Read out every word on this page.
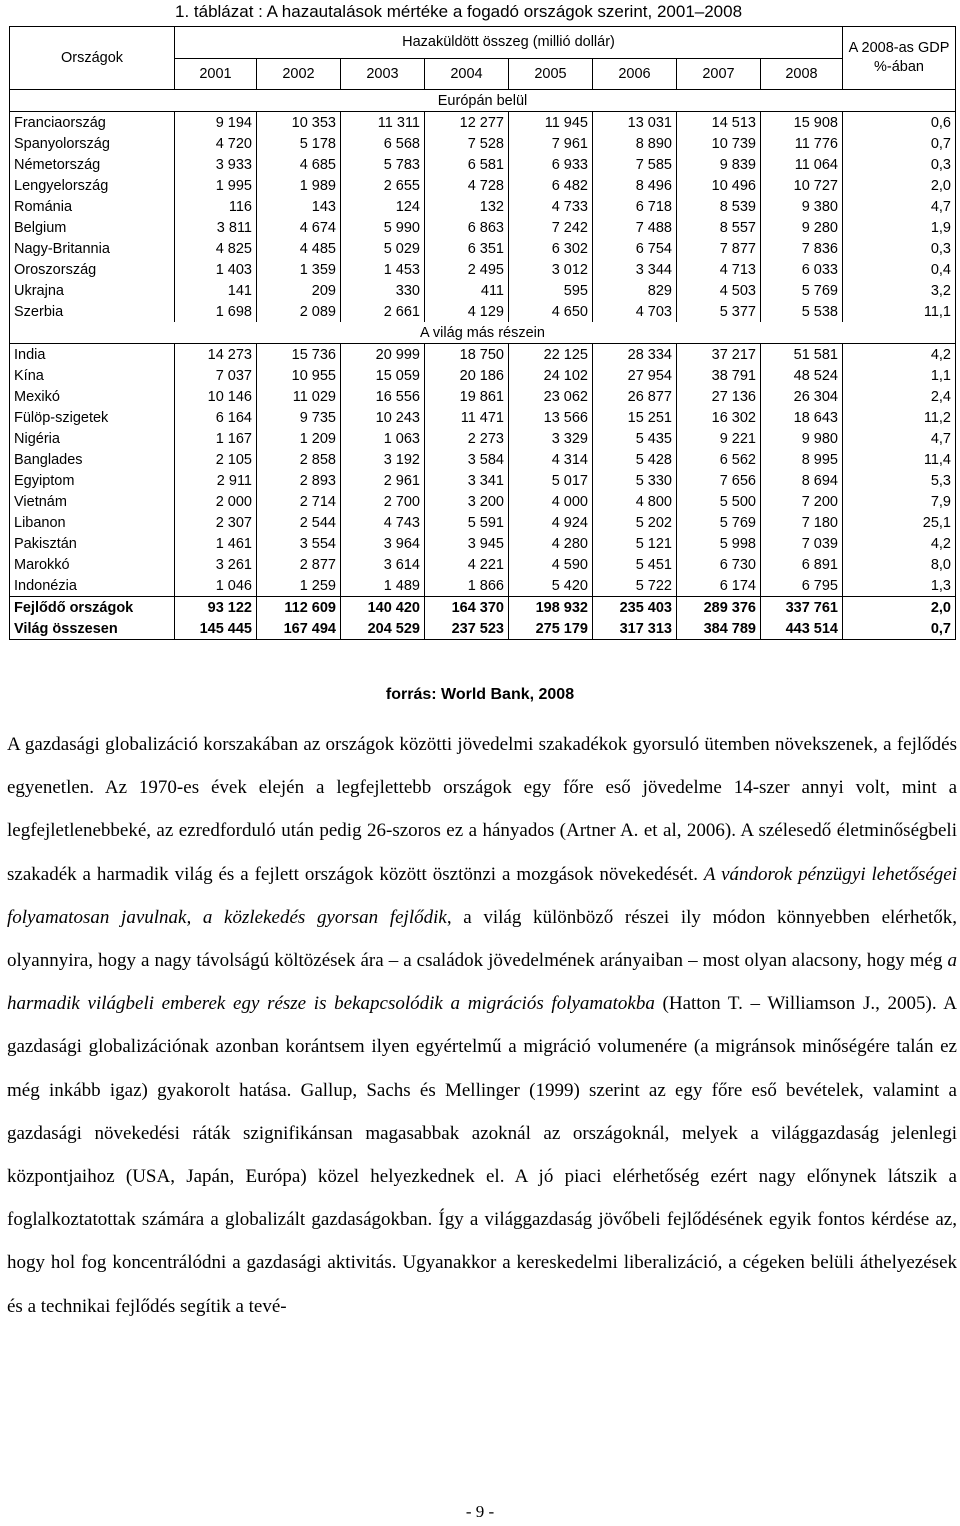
1. táblázat : A hazautalások mértéke a fogadó országok szerint, 2001–2008
Országok	Hazaküldött összeg (millió dollár)								A 2008-as GDP %-ában
	2001	2002	2003	2004	2005	2006	2007	2008	
Európán belül									
Franciaország	9 194	10 353	11 311	12 277	11 945	13 031	14 513	15 908	0,6
Spanyolország	4 720	5 178	6 568	7 528	7 961	8 890	10 739	11 776	0,7
Németország	3 933	4 685	5 783	6 581	6 933	7 585	9 839	11 064	0,3
Lengyelország	1 995	1 989	2 655	4 728	6 482	8 496	10 496	10 727	2,0
Románia	116	143	124	132	4 733	6 718	8 539	9 380	4,7
Belgium	3 811	4 674	5 990	6 863	7 242	7 488	8 557	9 280	1,9
Nagy-Britannia	4 825	4 485	5 029	6 351	6 302	6 754	7 877	7 836	0,3
Oroszország	1 403	1 359	1 453	2 495	3 012	3 344	4 713	6 033	0,4
Ukrajna	141	209	330	411	595	829	4 503	5 769	3,2
Szerbia	1 698	2 089	2 661	4 129	4 650	4 703	5 377	5 538	11,1
A világ más részein									
India	14 273	15 736	20 999	18 750	22 125	28 334	37 217	51 581	4,2
Kína	7 037	10 955	15 059	20 186	24 102	27 954	38 791	48 524	1,1
Mexikó	10 146	11 029	16 556	19 861	23 062	26 877	27 136	26 304	2,4
Fülöp-szigetek	6 164	9 735	10 243	11 471	13 566	15 251	16 302	18 643	11,2
Nigéria	1 167	1 209	1 063	2 273	3 329	5 435	9 221	9 980	4,7
Banglades	2 105	2 858	3 192	3 584	4 314	5 428	6 562	8 995	11,4
Egyiptom	2 911	2 893	2 961	3 341	5 017	5 330	7 656	8 694	5,3
Vietnám	2 000	2 714	2 700	3 200	4 000	4 800	5 500	7 200	7,9
Libanon	2 307	2 544	4 743	5 591	4 924	5 202	5 769	7 180	25,1
Pakisztán	1 461	3 554	3 964	3 945	4 280	5 121	5 998	7 039	4,2
Marokkó	3 261	2 877	3 614	4 221	4 590	5 451	6 730	6 891	8,0
Indonézia	1 046	1 259	1 489	1 866	5 420	5 722	6 174	6 795	1,3
Fejlődő országok	93 122	112 609	140 420	164 370	198 932	235 403	289 376	337 761	2,0
Világ összesen	145 445	167 494	204 529	237 523	275 179	317 313	384 789	443 514	0,7
forrás: World Bank, 2008

A gazdasági globalizáció korszakában az országok közötti jövedelmi szakadékok gyorsuló ütemben növekszenek, a fejlődés egyenetlen. Az 1970-es évek elején a legfejlettebb országok egy főre eső jövedelme 14-szer annyi volt, mint a legfejletlenebbeké, az ezredforduló után pedig 26-szoros ez a hányados (Artner A. et al, 2006). A szélesedő életminőségbeli szakadék a harmadik világ és a fejlett országok között ösztönzi a mozgások növekedését. A vándorok pénzügyi lehetőségei folyamatosan javulnak, a közlekedés gyorsan fejlődik, a világ különböző részei ily módon könnyebben elérhetők, olyannyira, hogy a nagy távolságú költözések ára – a családok jövedelmének arányaiban – most olyan alacsony, hogy még a harmadik világbeli emberek egy része is bekapcsolódik a migrációs folyamatokba (Hatton T. – Williamson J., 2005). A gazdasági globalizációnak azonban korántsem ilyen egyértelmű a migráció volumenére (a migránsok minőségére talán ez még inkább igaz) gyakorolt hatása. Gallup, Sachs és Mellinger (1999) szerint az egy főre eső bevételek, valamint a gazdasági növekedési ráták szignifikánsan magasabbak azoknál az országoknál, melyek a világgazdaság jelenlegi központjaihoz (USA, Japán, Európa) közel helyezkednek el. A jó piaci elérhetőség ezért nagy előnynek látszik a foglalkoztatottak számára a globalizált gazdaságokban. Így a világgazdaság jövőbeli fejlődésének egyik fontos kérdése az, hogy hol fog koncentrálódni a gazdasági aktivitás. Ugyanakkor a kereskedelmi liberalizáció, a cégeken belüli áthelyezések és a technikai fejlődés segítik a tevé-

- 9 -
